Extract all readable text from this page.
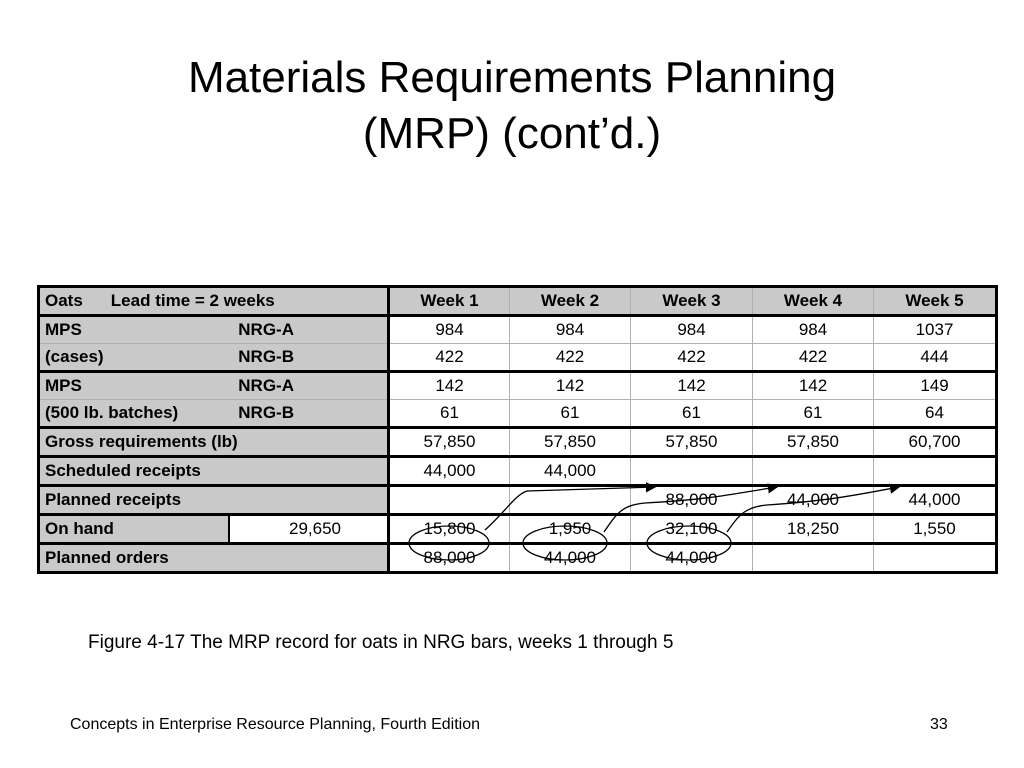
Materials Requirements Planning
(MRP) (cont’d.)
Oats Lead time = 2 weeks		Week 1	Week 2	Week 3	Week 4	Week 5
MPS NRG-A		984	984	984	984	1037
(cases) NRG-B		422	422	422	422	444
MPS NRG-A		142	142	142	142	149
(500 lb. batches) NRG-B		61	61	61	61	64
Gross requirements (lb)		57,850	57,850	57,850	57,850	60,700
Scheduled receipts		44,000	44,000			
Planned receipts				88,000	44,000	44,000
On hand	29,650	15,800	1,950	32,100	18,250	1,550
Planned orders		88,000	44,000	44,000		
Figure 4-17 The MRP record for oats in NRG bars, weeks 1 through 5
Concepts in Enterprise Resource Planning, Fourth Edition	33
